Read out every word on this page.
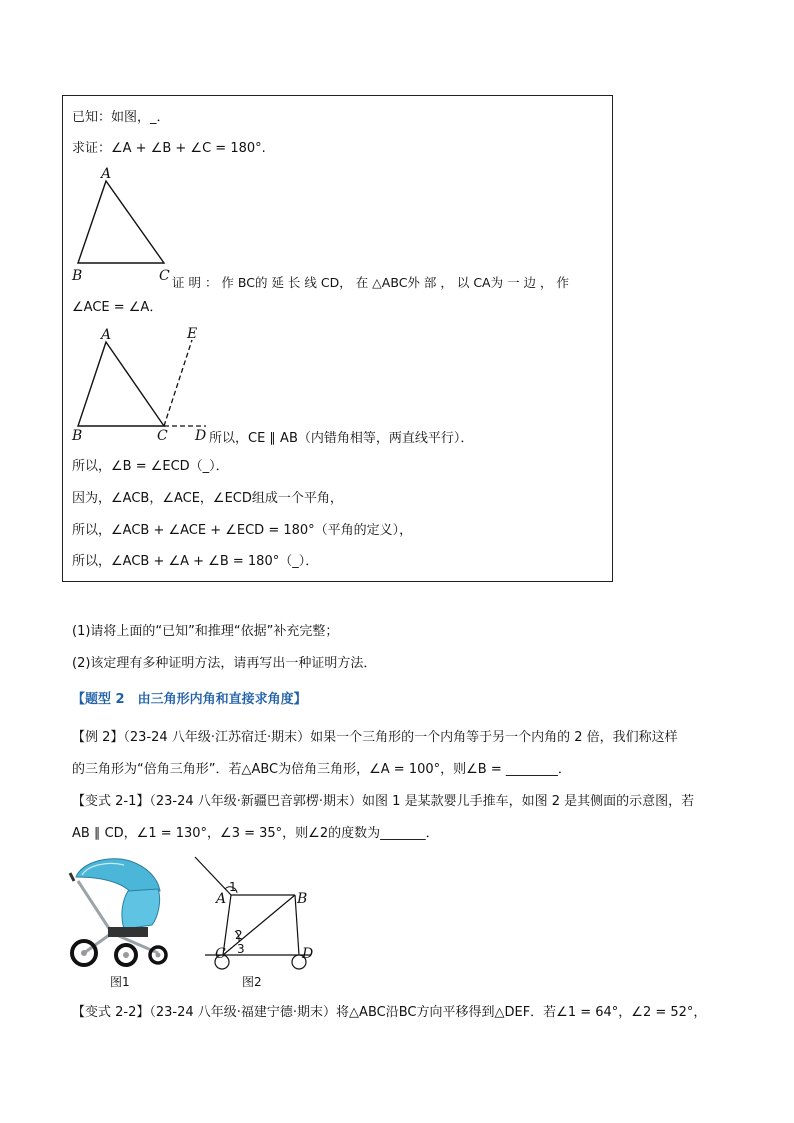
已知：如图，_．
求证：∠A + ∠B + ∠C = 180°.
A
B	C 证 明 ： 作 BC的 延 长 线 CD， 在 △ABC外 部 ， 以 CA为 一 边 ， 作
∠ACE = ∠A．
A
B	C D
E
所以，CE ∥ AB（内错角相等，两直线平行）．
所以，∠B = ∠ECD（_）．
因为，∠ACB，∠ACE，∠ECD组成一个平角，
所以，∠ACB + ∠ACE + ∠ECD = 180°（平角的定义），
所以，∠ACB + ∠A + ∠B = 180°（_）．
(1)请将上面的“已知”和推理“依据”补充完整；
(2)该定理有多种证明方法，请再写出一种证明方法．
【题型 2　由三角形内角和直接求角度】
【例 2】（23-24 八年级·江苏宿迁·期末）如果一个三角形的一个内角等于另一个内角的 2 倍，我们称这样
的三角形为“倍角三角形”．若△ABC为倍角三角形，∠A = 100°，则∠B = ________．
【变式 2-1】（23-24 八年级·新疆巴音郭楞·期末）如图 1 是某款婴儿手推车，如图 2 是其侧面的示意图，若
AB ∥ CD，∠1 = 130°，∠3 = 35°，则∠2的度数为_______．
图1
A	B
C	D
1
2
3
图2
【变式 2-2】（23-24 八年级·福建宁德·期末）将△ABC沿BC方向平移得到△DEF．若∠1 = 64°，∠2 = 52°，
